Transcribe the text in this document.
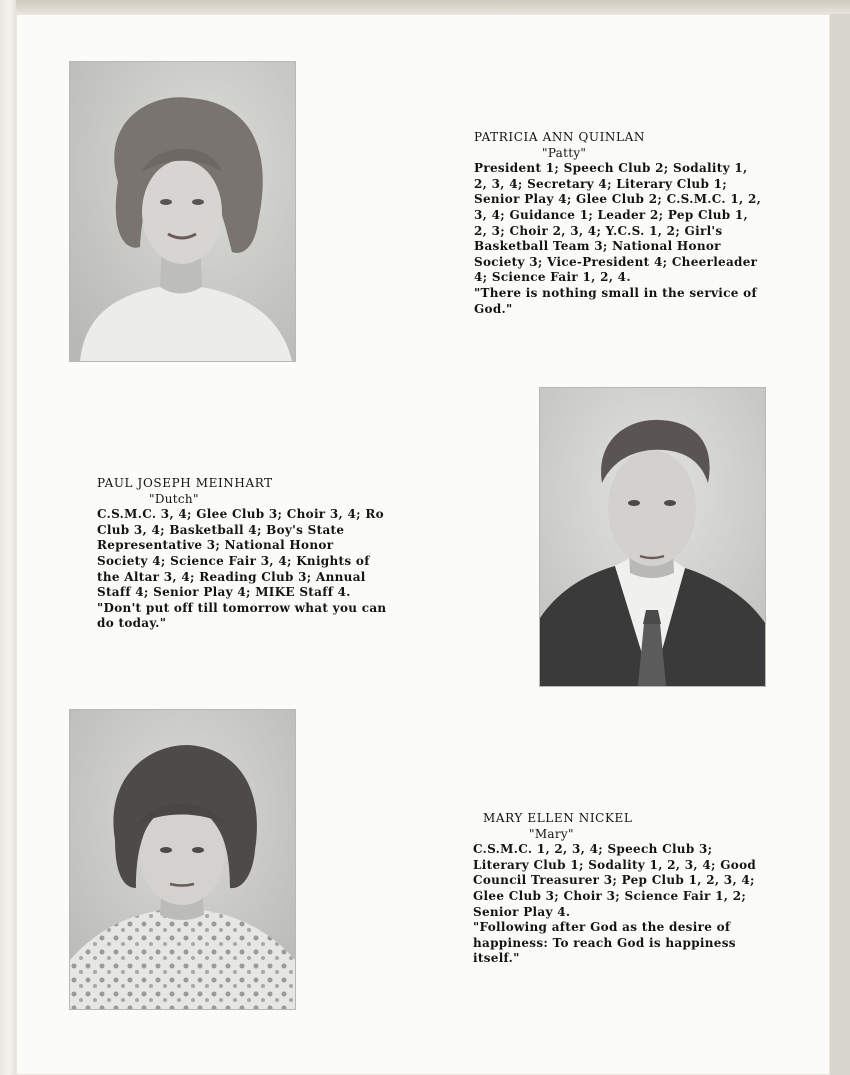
PATRICIA ANN QUINLAN
"Patty"
President 1; Speech Club 2; Sodality 1, 2, 3, 4; Secretary 4; Literary Club 1; Senior Play 4; Glee Club 2; C.S.M.C. 1, 2, 3, 4; Guidance 1; Leader 2; Pep Club 1, 2, 3; Choir 2, 3, 4; Y.C.S. 1, 2; Girl's Basketball Team 3; National Honor Society 3; Vice-President 4; Cheerleader 4; Science Fair 1, 2, 4.
"There is nothing small in the service of God."
PAUL JOSEPH MEINHART
"Dutch"
C.S.M.C. 3, 4; Glee Club 3; Choir 3, 4; Ro Club 3, 4; Basketball 4; Boy's State Representative 3; National Honor Society 4; Science Fair 3, 4; Knights of the Altar 3, 4; Reading Club 3; Annual Staff 4; Senior Play 4; MIKE Staff 4.
"Don't put off till tomorrow what you can do today."
MARY ELLEN NICKEL
"Mary"
C.S.M.C. 1, 2, 3, 4; Speech Club 3; Literary Club 1; Sodality 1, 2, 3, 4; Good Council Treasurer 3; Pep Club 1, 2, 3, 4; Glee Club 3; Choir 3; Science Fair 1, 2; Senior Play 4.
"Following after God as the desire of happiness: To reach God is happiness itself."
